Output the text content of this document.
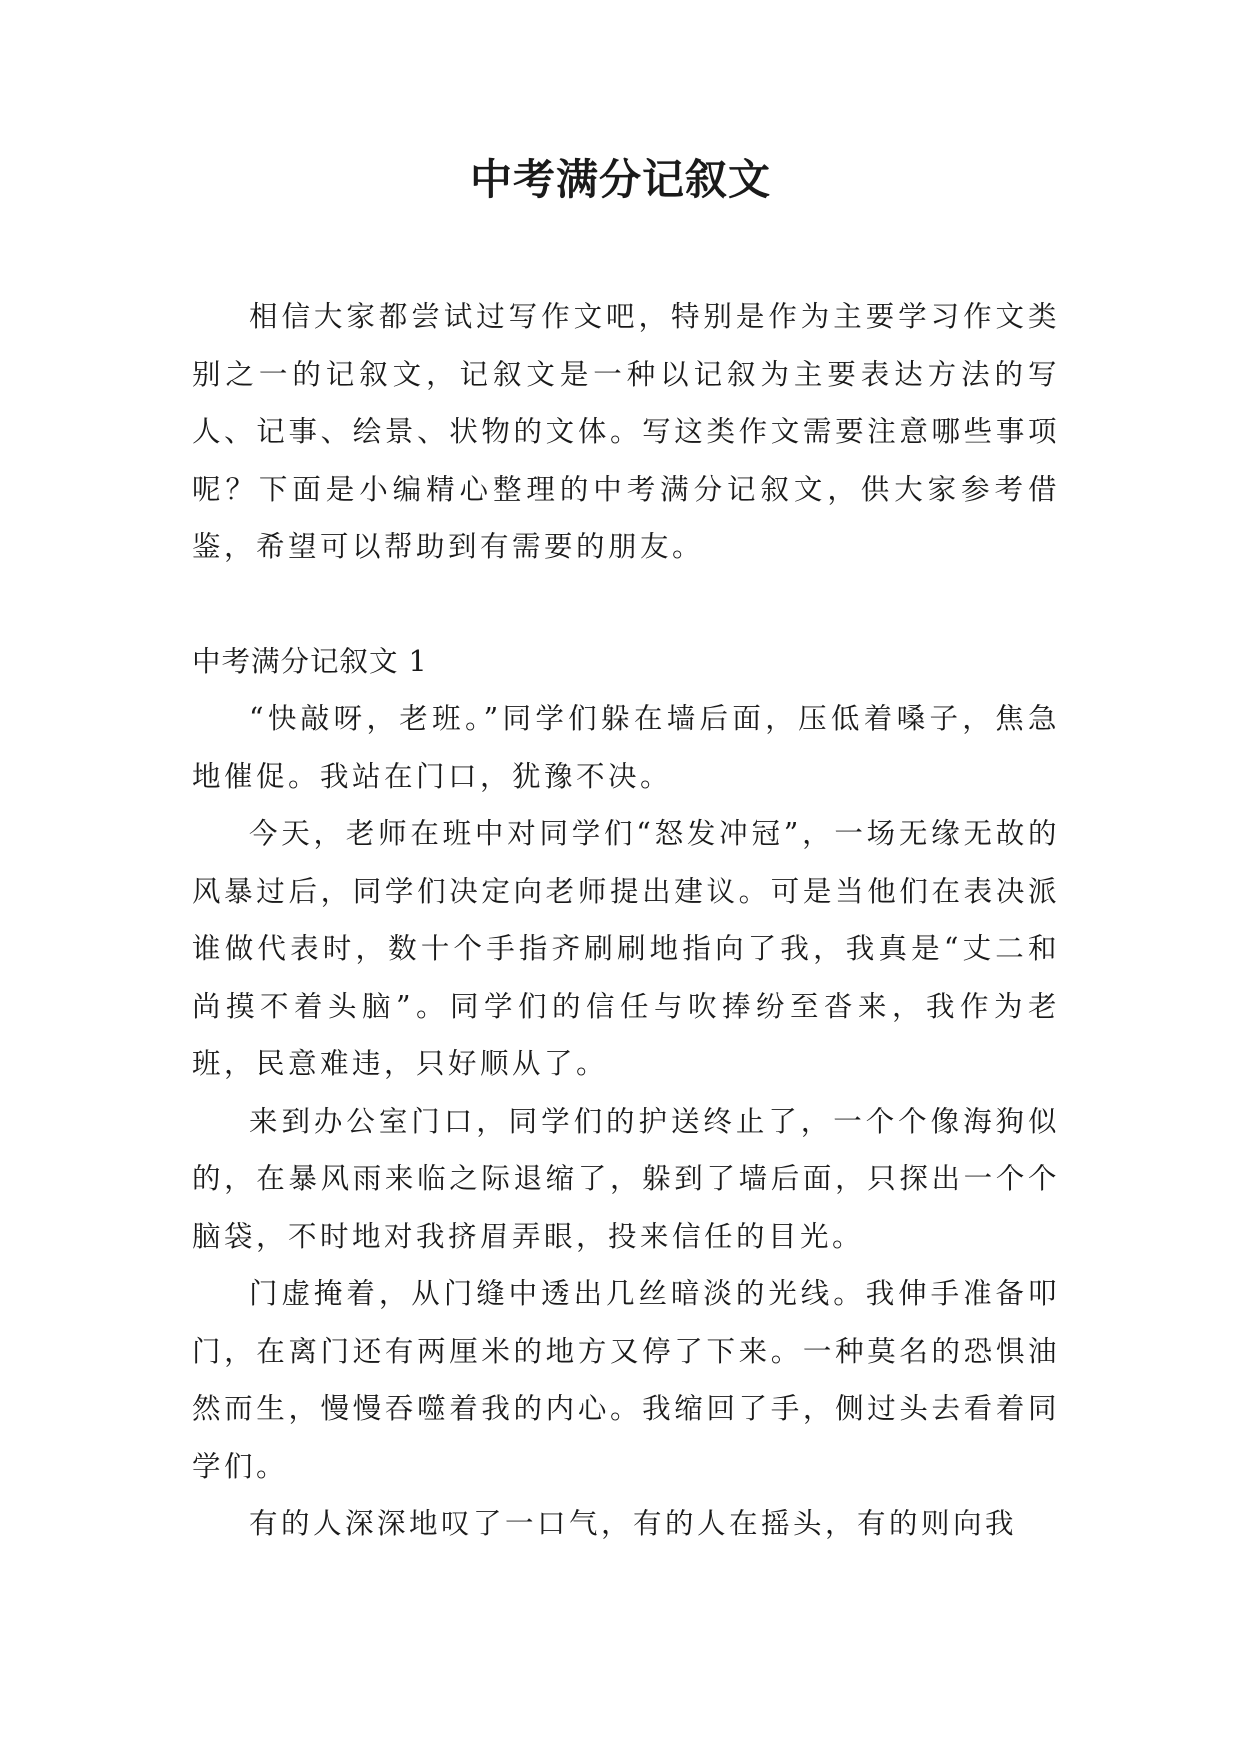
中考满分记叙文

相信大家都尝试过写作文吧，特别是作为主要学习作文类别之一的记叙文，记叙文是一种以记叙为主要表达方法的写人、记事、绘景、状物的文体。写这类作文需要注意哪些事项呢？下面是小编精心整理的中考满分记叙文，供大家参考借鉴，希望可以帮助到有需要的朋友。

中考满分记叙文 1

“快敲呀，老班。”同学们躲在墙后面，压低着嗓子，焦急地催促。我站在门口，犹豫不决。

今天，老师在班中对同学们“怒发冲冠”，一场无缘无故的风暴过后，同学们决定向老师提出建议。可是当他们在表决派谁做代表时，数十个手指齐刷刷地指向了我，我真是“丈二和尚摸不着头脑”。同学们的信任与吹捧纷至沓来，我作为老班，民意难违，只好顺从了。

来到办公室门口，同学们的护送终止了，一个个像海狗似的，在暴风雨来临之际退缩了，躲到了墙后面，只探出一个个脑袋，不时地对我挤眉弄眼，投来信任的目光。

门虚掩着，从门缝中透出几丝暗淡的光线。我伸手准备叩门，在离门还有两厘米的地方又停了下来。一种莫名的恐惧油然而生，慢慢吞噬着我的内心。我缩回了手，侧过头去看着同学们。

有的人深深地叹了一口气，有的人在摇头，有的则向我
